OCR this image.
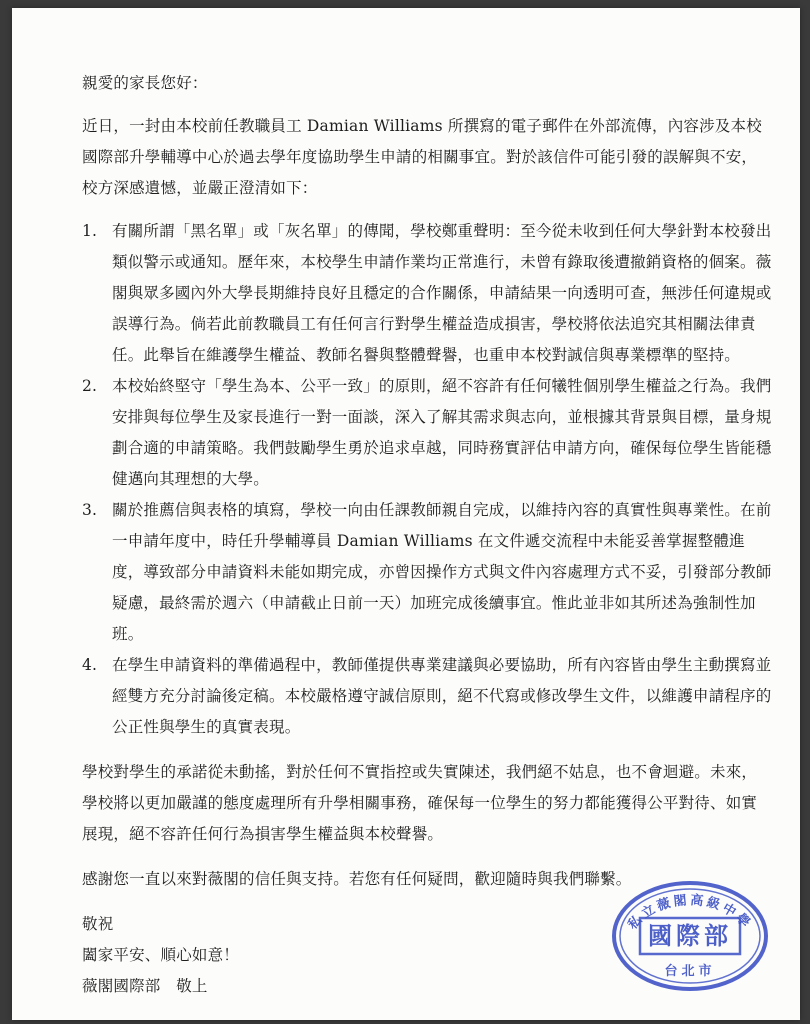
親愛的家長您好：

近日，一封由本校前任教職員工 Damian Williams 所撰寫的電子郵件在外部流傳，內容涉及本校國際部升學輔導中心於過去學年度協助學生申請的相關事宜。對於該信件可能引發的誤解與不安，校方深感遺憾，並嚴正澄清如下：

1. 有關所謂「黑名單」或「灰名單」的傳聞，學校鄭重聲明：至今從未收到任何大學針對本校發出類似警示或通知。歷年來，本校學生申請作業均正常進行，未曾有錄取後遭撤銷資格的個案。薇閣與眾多國內外大學長期維持良好且穩定的合作關係，申請結果一向透明可查，無涉任何違規或誤導行為。倘若此前教職員工有任何言行對學生權益造成損害，學校將依法追究其相關法律責任。此舉旨在維護學生權益、教師名譽與整體聲譽，也重申本校對誠信與專業標準的堅持。
2. 本校始終堅守「學生為本、公平一致」的原則，絕不容許有任何犧牲個別學生權益之行為。我們安排與每位學生及家長進行一對一面談，深入了解其需求與志向，並根據其背景與目標，量身規劃合適的申請策略。我們鼓勵學生勇於追求卓越，同時務實評估申請方向，確保每位學生皆能穩健邁向其理想的大學。
3. 關於推薦信與表格的填寫，學校一向由任課教師親自完成，以維持內容的真實性與專業性。在前一申請年度中，時任升學輔導員 Damian Williams 在文件遞交流程中未能妥善掌握整體進度，導致部分申請資料未能如期完成，亦曾因操作方式與文件內容處理方式不妥，引發部分教師疑慮，最終需於週六（申請截止日前一天）加班完成後續事宜。惟此並非如其所述為強制性加班。
4. 在學生申請資料的準備過程中，教師僅提供專業建議與必要協助，所有內容皆由學生主動撰寫並經雙方充分討論後定稿。本校嚴格遵守誠信原則，絕不代寫或修改學生文件，以維護申請程序的公正性與學生的真實表現。

學校對學生的承諾從未動搖，對於任何不實指控或失實陳述，我們絕不姑息，也不會迴避。未來，學校將以更加嚴謹的態度處理所有升學相關事務，確保每一位學生的努力都能獲得公平對待、如實展現，絕不容許任何行為損害學生權益與本校聲譽。

感謝您一直以來對薇閣的信任與支持。若您有任何疑問，歡迎隨時與我們聯繫。

敬祝

闔家平安、順心如意！

薇閣國際部　敬上

私立薇閣高級中學
國際部
台北市
